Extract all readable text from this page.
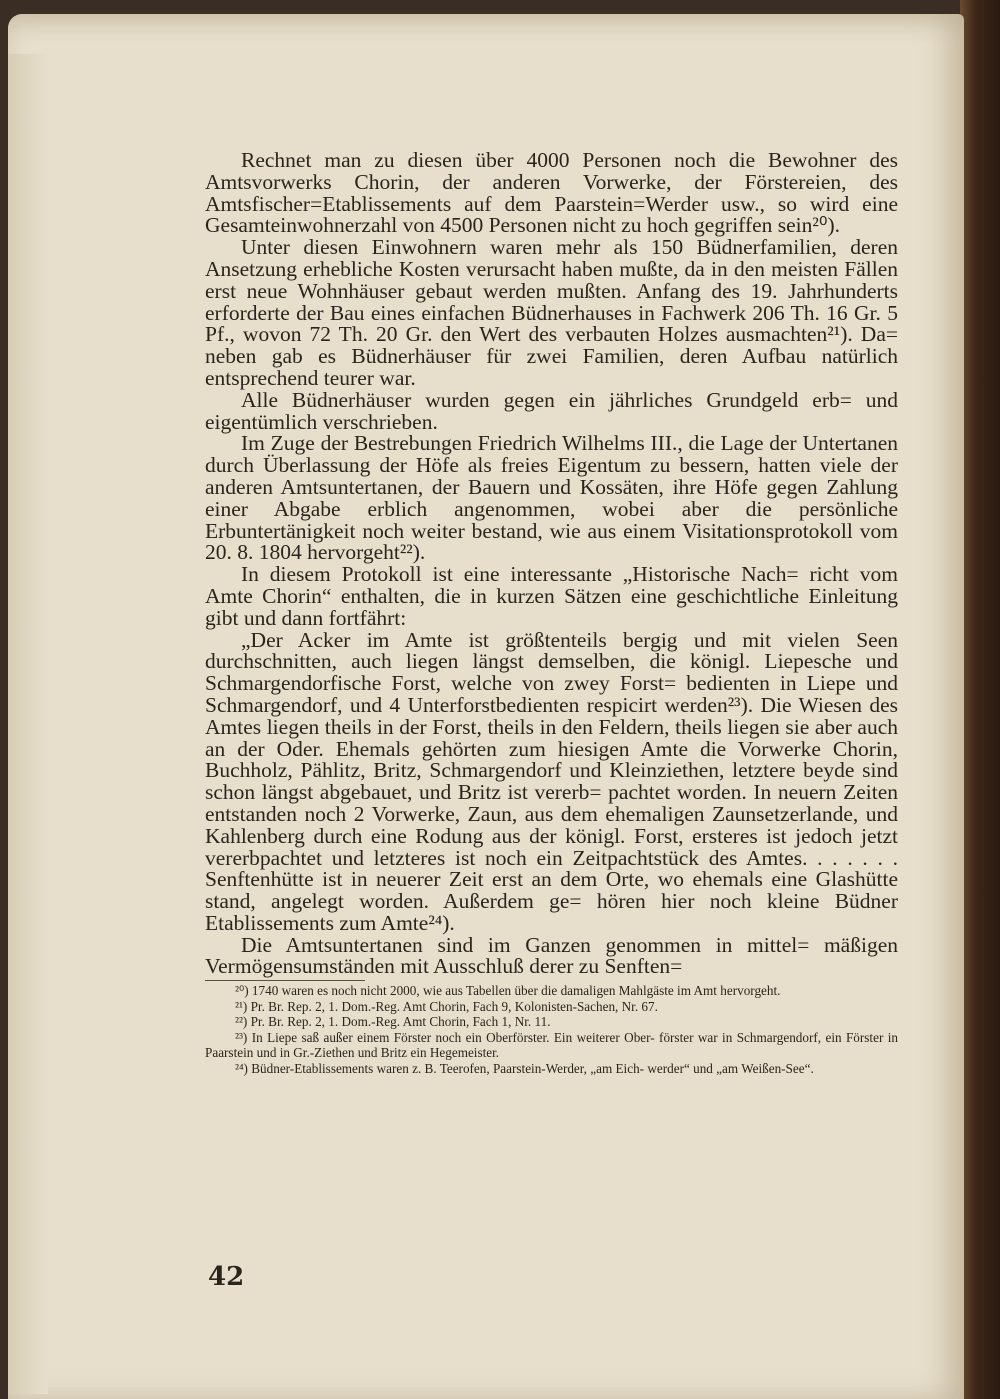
Rechnet man zu diesen über 4000 Personen noch die Bewohner des Amtsvorwerks Chorin, der anderen Vorwerke, der Förstereien, des Amtsfischer=Etablissements auf dem Paarstein=Werder usw., so wird eine Gesamteinwohnerzahl von 4500 Personen nicht zu hoch gegriffen sein²⁰).

Unter diesen Einwohnern waren mehr als 150 Büdnerfamilien, deren Ansetzung erhebliche Kosten verursacht haben mußte, da in den meisten Fällen erst neue Wohnhäuser gebaut werden mußten. Anfang des 19. Jahrhunderts erforderte der Bau eines einfachen Büdnerhauses in Fachwerk 206 Th. 16 Gr. 5 Pf., wovon 72 Th. 20 Gr. den Wert des verbauten Holzes ausmachten²¹). Da= neben gab es Büdnerhäuser für zwei Familien, deren Aufbau natürlich entsprechend teurer war.

Alle Büdnerhäuser wurden gegen ein jährliches Grundgeld erb= und eigentümlich verschrieben.

Im Zuge der Bestrebungen Friedrich Wilhelms III., die Lage der Untertanen durch Überlassung der Höfe als freies Eigentum zu bessern, hatten viele der anderen Amtsuntertanen, der Bauern und Kossäten, ihre Höfe gegen Zahlung einer Abgabe erblich angenommen, wobei aber die persönliche Erbuntertänigkeit noch weiter bestand, wie aus einem Visitationsprotokoll vom 20. 8. 1804 hervorgeht²²).

In diesem Protokoll ist eine interessante „Historische Nach= richt vom Amte Chorin“ enthalten, die in kurzen Sätzen eine geschichtliche Einleitung gibt und dann fortfährt:

„Der Acker im Amte ist größtenteils bergig und mit vielen Seen durchschnitten, auch liegen längst demselben, die königl. Liepesche und Schmargendorfische Forst, welche von zwey Forst= bedienten in Liepe und Schmargendorf, und 4 Unterforstbedienten respicirt werden²³). Die Wiesen des Amtes liegen theils in der Forst, theils in den Feldern, theils liegen sie aber auch an der Oder. Ehemals gehörten zum hiesigen Amte die Vorwerke Chorin, Buchholz, Pählitz, Britz, Schmargendorf und Kleinziethen, letztere beyde sind schon längst abgebauet, und Britz ist vererb= pachtet worden. In neuern Zeiten entstanden noch 2 Vorwerke, Zaun, aus dem ehemaligen Zaunsetzerlande, und Kahlenberg durch eine Rodung aus der königl. Forst, ersteres ist jedoch jetzt vererbpachtet und letzteres ist noch ein Zeitpachtstück des Amtes. . . . . . . Senftenhütte ist in neuerer Zeit erst an dem Orte, wo ehemals eine Glashütte stand, angelegt worden. Außerdem ge= hören hier noch kleine Büdner Etablissements zum Amte²⁴).

Die Amtsuntertanen sind im Ganzen genommen in mittel= mäßigen Vermögensumständen mit Ausschluß derer zu Senften=

²⁰) 1740 waren es noch nicht 2000, wie aus Tabellen über die damaligen Mahlgäste im Amt hervorgeht.

²¹) Pr. Br. Rep. 2, 1. Dom.-Reg. Amt Chorin, Fach 9, Kolonisten-Sachen, Nr. 67.

²²) Pr. Br. Rep. 2, 1. Dom.-Reg. Amt Chorin, Fach 1, Nr. 11.

²³) In Liepe saß außer einem Förster noch ein Oberförster. Ein weiterer Ober- förster war in Schmargendorf, ein Förster in Paarstein und in Gr.-Ziethen und Britz ein Hegemeister.

²⁴) Büdner-Etablissements waren z. B. Teerofen, Paarstein-Werder, „am Eich- werder“ und „am Weißen-See“.

42
